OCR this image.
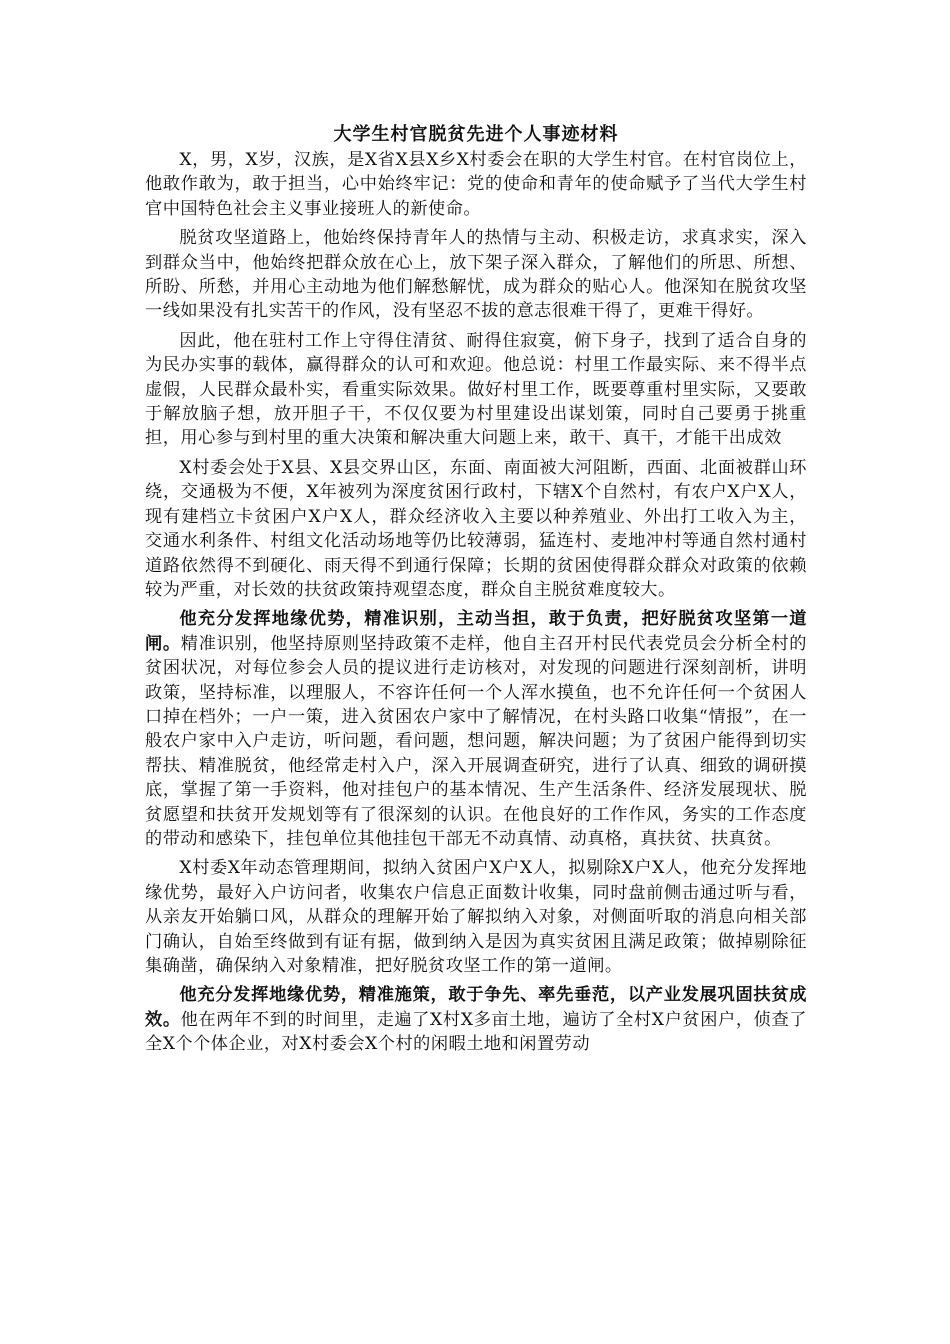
大学生村官脱贫先进个人事迹材料

X，男，X岁，汉族，是X省X县X乡X村委会在职的大学生村官。在村官岗位上，他敢作敢为，敢于担当，心中始终牢记：党的使命和青年的使命赋予了当代大学生村官中国特色社会主义事业接班人的新使命。

脱贫攻坚道路上，他始终保持青年人的热情与主动、积极走访，求真求实，深入到群众当中，他始终把群众放在心上，放下架子深入群众，了解他们的所思、所想、所盼、所愁，并用心主动地为他们解愁解忧，成为群众的贴心人。他深知在脱贫攻坚一线如果没有扎实苦干的作风，没有坚忍不拔的意志很难干得了，更难干得好。

因此，他在驻村工作上守得住清贫、耐得住寂寞，俯下身子，找到了适合自身的为民办实事的载体，赢得群众的认可和欢迎。他总说：村里工作最实际、来不得半点虚假，人民群众最朴实，看重实际效果。做好村里工作，既要尊重村里实际，又要敢于解放脑子想，放开胆子干，不仅仅要为村里建设出谋划策，同时自己要勇于挑重担，用心参与到村里的重大决策和解决重大问题上来，敢干、真干，才能干出成效

X村委会处于X县、X县交界山区，东面、南面被大河阻断，西面、北面被群山环绕，交通极为不便，X年被列为深度贫困行政村，下辖X个自然村，有农户X户X人，现有建档立卡贫困户X户X人，群众经济收入主要以种养殖业、外出打工收入为主，交通水利条件、村组文化活动场地等仍比较薄弱，猛连村、麦地冲村等通自然村通村道路依然得不到硬化、雨天得不到通行保障；长期的贫困使得群众群众对政策的依赖较为严重，对长效的扶贫政策持观望态度，群众自主脱贫难度较大。

他充分发挥地缘优势，精准识别，主动当担，敢于负责，把好脱贫攻坚第一道闸。精准识别，他坚持原则坚持政策不走样，他自主召开村民代表党员会分析全村的贫困状况，对每位参会人员的提议进行走访核对，对发现的问题进行深刻剖析，讲明政策，坚持标准，以理服人，不容许任何一个人浑水摸鱼，也不允许任何一个贫困人口掉在档外；一户一策，进入贫困农户家中了解情况，在村头路口收集“情报”，在一般农户家中入户走访，听问题，看问题，想问题，解决问题；为了贫困户能得到切实帮扶、精准脱贫，他经常走村入户，深入开展调查研究，进行了认真、细致的调研摸底，掌握了第一手资料，他对挂包户的基本情况、生产生活条件、经济发展现状、脱贫愿望和扶贫开发规划等有了很深刻的认识。在他良好的工作作风，务实的工作态度的带动和感染下，挂包单位其他挂包干部无不动真情、动真格，真扶贫、扶真贫。

X村委X年动态管理期间，拟纳入贫困户X户X人，拟剔除X户X人，他充分发挥地缘优势，最好入户访问者，收集农户信息正面数计收集，同时盘前侧击通过听与看，从亲友开始躺口风，从群众的理解开始了解拟纳入对象，对侧面听取的消息向相关部门确认，自始至终做到有证有据，做到纳入是因为真实贫困且满足政策；做掉剔除征集确凿，确保纳入对象精准，把好脱贫攻坚工作的第一道闸。

他充分发挥地缘优势，精准施策，敢于争先、率先垂范，以产业发展巩固扶贫成效。他在两年不到的时间里，走遍了X村X多亩土地，遍访了全村X户贫困户，侦查了全X个个体企业，对X村委会X个村的闲暇土地和闲置劳动
